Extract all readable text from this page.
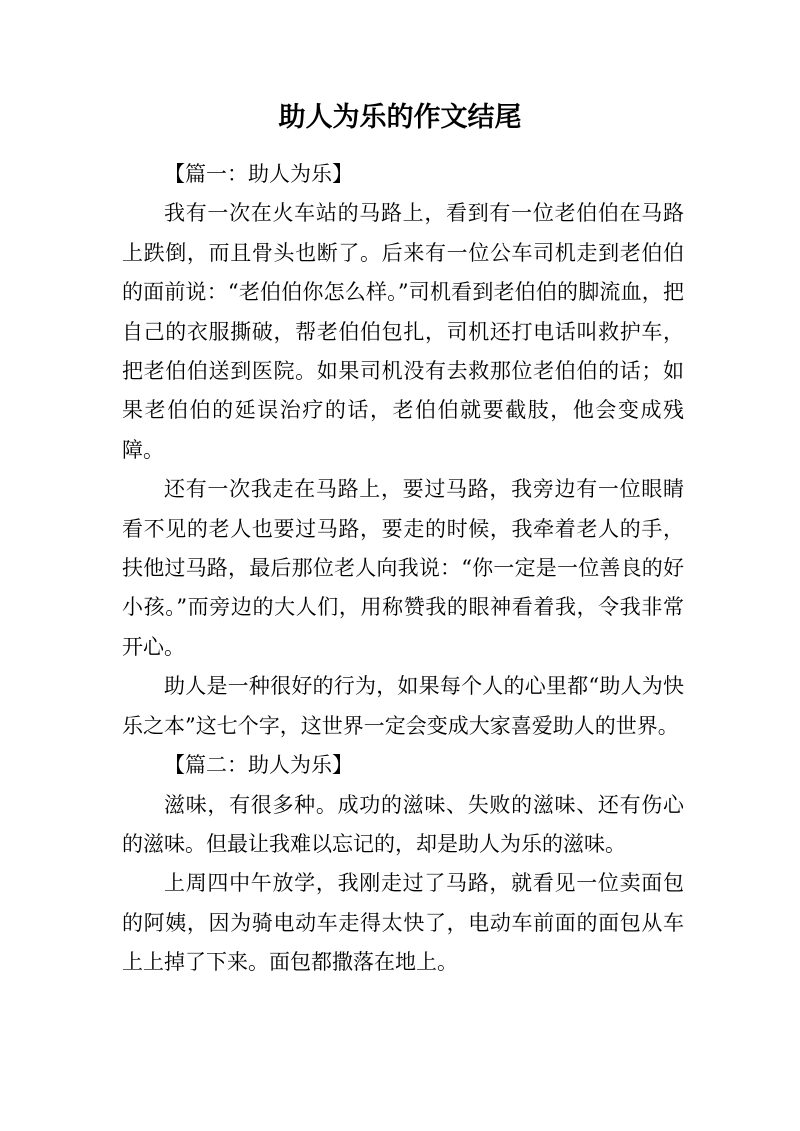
助人为乐的作文结尾

【篇一：助人为乐】

我有一次在火车站的马路上，看到有一位老伯伯在马路上跌倒，而且骨头也断了。后来有一位公车司机走到老伯伯的面前说：“老伯伯你怎么样。”司机看到老伯伯的脚流血，把自己的衣服撕破，帮老伯伯包扎，司机还打电话叫救护车，把老伯伯送到医院。如果司机没有去救那位老伯伯的话；如果老伯伯的延误治疗的话，老伯伯就要截肢，他会变成残障。

还有一次我走在马路上，要过马路，我旁边有一位眼睛看不见的老人也要过马路，要走的时候，我牵着老人的手，扶他过马路，最后那位老人向我说：“你一定是一位善良的好小孩。”而旁边的大人们，用称赞我的眼神看着我，令我非常开心。

助人是一种很好的行为，如果每个人的心里都“助人为快乐之本”这七个字，这世界一定会变成大家喜爱助人的世界。

【篇二：助人为乐】

滋味，有很多种。成功的滋味、失败的滋味、还有伤心的滋味。但最让我难以忘记的，却是助人为乐的滋味。

上周四中午放学，我刚走过了马路，就看见一位卖面包的阿姨，因为骑电动车走得太快了，电动车前面的面包从车上上掉了下来。面包都撒落在地上。
